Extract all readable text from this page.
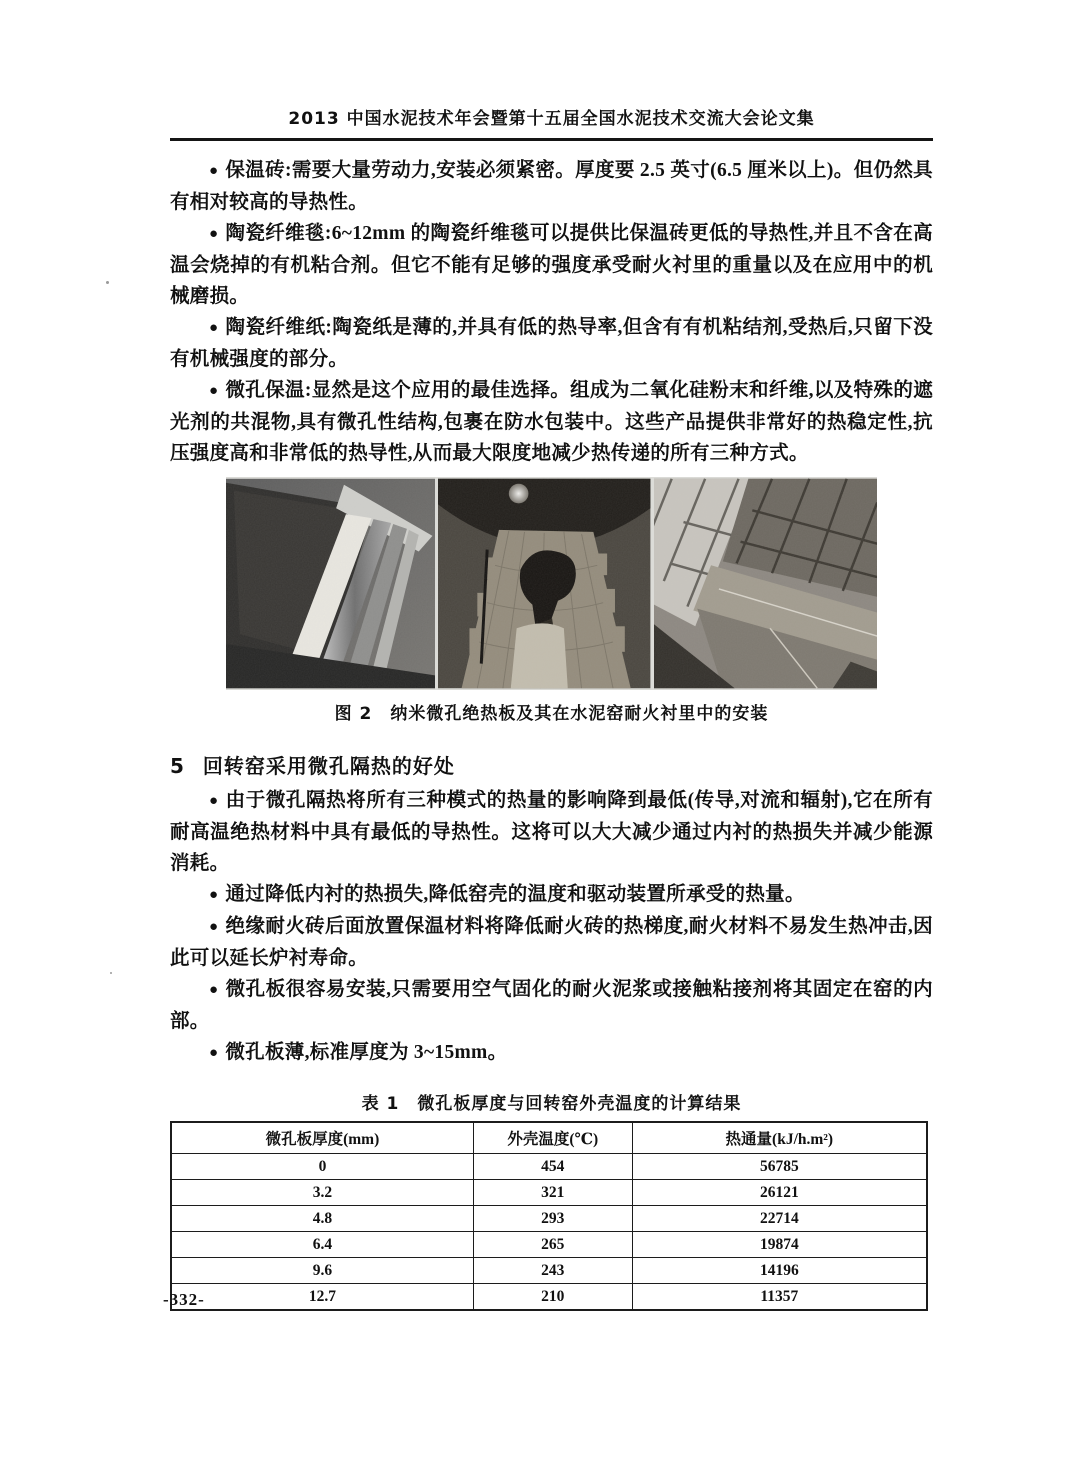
2013 中国水泥技术年会暨第十五届全国水泥技术交流大会论文集

● 保温砖:需要大量劳动力,安装必须紧密。厚度要 2.5 英寸(6.5 厘米以上)。但仍然具有相对较高的导热性。

● 陶瓷纤维毯:6~12mm 的陶瓷纤维毯可以提供比保温砖更低的导热性,并且不含在高温会烧掉的有机粘合剂。但它不能有足够的强度承受耐火衬里的重量以及在应用中的机械磨损。

● 陶瓷纤维纸:陶瓷纸是薄的,并具有低的热导率,但含有有机粘结剂,受热后,只留下没有机械强度的部分。

● 微孔保温:显然是这个应用的最佳选择。组成为二氧化硅粉末和纤维,以及特殊的遮光剂的共混物,具有微孔性结构,包裹在防水包装中。这些产品提供非常好的热稳定性,抗压强度高和非常低的热导性,从而最大限度地减少热传递的所有三种方式。

图 2　纳米微孔绝热板及其在水泥窑耐火衬里中的安装
5 回转窑采用微孔隔热的好处

● 由于微孔隔热将所有三种模式的热量的影响降到最低(传导,对流和辐射),它在所有耐高温绝热材料中具有最低的导热性。这将可以大大减少通过内衬的热损失并减少能源消耗。

● 通过降低内衬的热损失,降低窑壳的温度和驱动装置所承受的热量。

● 绝缘耐火砖后面放置保温材料将降低耐火砖的热梯度,耐火材料不易发生热冲击,因此可以延长炉衬寿命。

● 微孔板很容易安装,只需要用空气固化的耐火泥浆或接触粘接剂将其固定在窑的内部。

● 微孔板薄,标准厚度为 3~15mm。

表 1　微孔板厚度与回转窑外壳温度的计算结果
微孔板厚度(mm)	外壳温度(℃)	热通量(kJ/h.m²)
0	454	56785
3.2	321	26121
4.8	293	22714
6.4	265	19874
9.6	243	14196
12.7	210	11357
-332-
